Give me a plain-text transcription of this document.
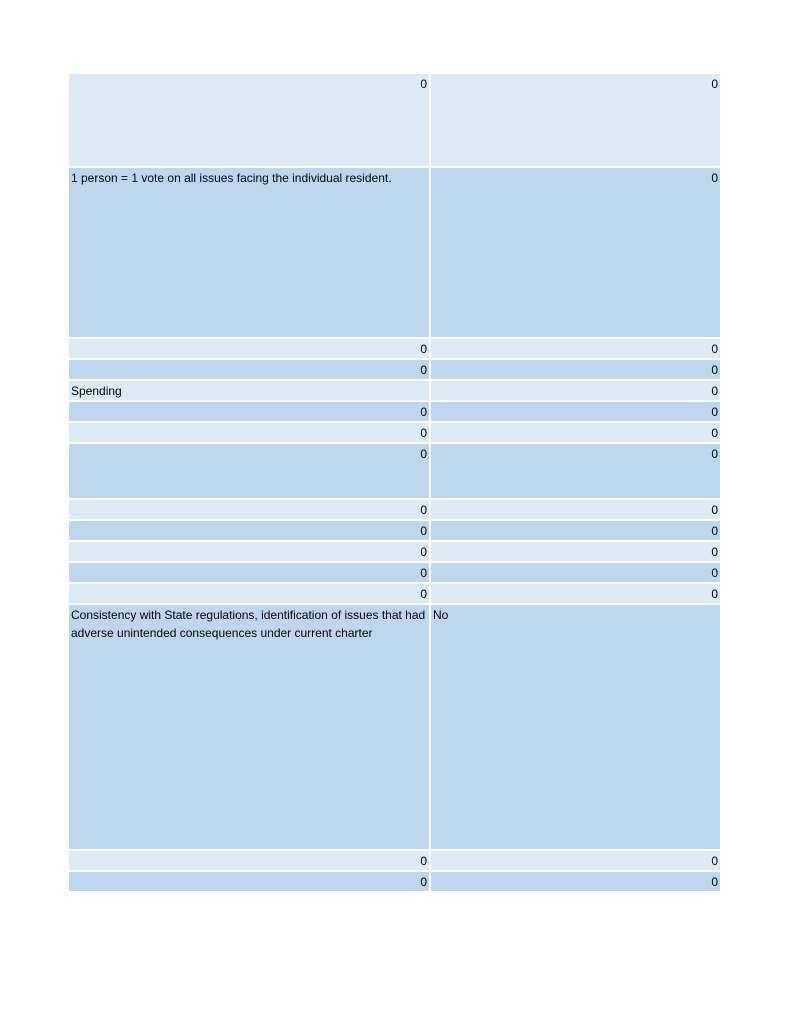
0	0
1 person = 1 vote on all issues facing the individual resident.	0
0	0
0	0
Spending	0
0	0
0	0
0	0
0	0
0	0
0	0
0	0
0	0
Consistency with State regulations, identification of issues that had adverse unintended consequences under current charter	No
0	0
0	0
